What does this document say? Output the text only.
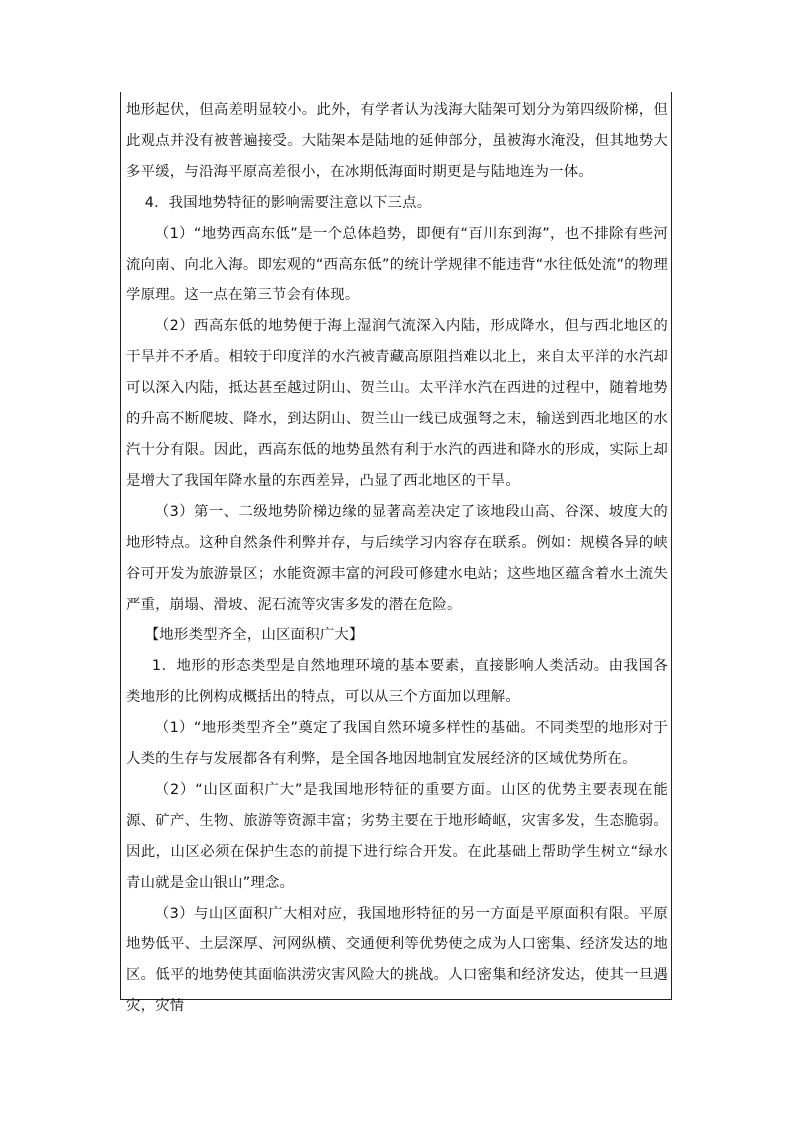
地形起伏，但高差明显较小。此外，有学者认为浅海大陆架可划分为第四级阶梯，但此观点并没有被普遍接受。大陆架本是陆地的延伸部分，虽被海水淹没，但其地势大多平缓，与沿海平原高差很小，在冰期低海面时期更是与陆地连为一体。

4．我国地势特征的影响需要注意以下三点。

（1）“地势西高东低”是一个总体趋势，即便有“百川东到海”，也不排除有些河流向南、向北入海。即宏观的“西高东低”的统计学规律不能违背“水往低处流”的物理学原理。这一点在第三节会有体现。

（2）西高东低的地势便于海上湿润气流深入内陆，形成降水，但与西北地区的干旱并不矛盾。相较于印度洋的水汽被青藏高原阻挡难以北上，来自太平洋的水汽却可以深入内陆，抵达甚至越过阴山、贺兰山。太平洋水汽在西进的过程中，随着地势的升高不断爬坡、降水，到达阴山、贺兰山一线已成强弩之末，输送到西北地区的水汽十分有限。因此，西高东低的地势虽然有利于水汽的西进和降水的形成，实际上却是增大了我国年降水量的东西差异，凸显了西北地区的干旱。

（3）第一、二级地势阶梯边缘的显著高差决定了该地段山高、谷深、坡度大的地形特点。这种自然条件利弊并存，与后续学习内容存在联系。例如：规模各异的峡谷可开发为旅游景区；水能资源丰富的河段可修建水电站；这些地区蕴含着水土流失严重，崩塌、滑坡、泥石流等灾害多发的潜在危险。

【地形类型齐全，山区面积广大】

1．地形的形态类型是自然地理环境的基本要素，直接影响人类活动。由我国各类地形的比例构成概括出的特点，可以从三个方面加以理解。

（1）“地形类型齐全”奠定了我国自然环境多样性的基础。不同类型的地形对于人类的生存与发展都各有利弊，是全国各地因地制宜发展经济的区域优势所在。

（2）“山区面积广大”是我国地形特征的重要方面。山区的优势主要表现在能源、矿产、生物、旅游等资源丰富；劣势主要在于地形崎岖，灾害多发，生态脆弱。因此，山区必须在保护生态的前提下进行综合开发。在此基础上帮助学生树立“绿水青山就是金山银山”理念。

（3）与山区面积广大相对应，我国地形特征的另一方面是平原面积有限。平原地势低平、土层深厚、河网纵横、交通便利等优势使之成为人口密集、经济发达的地区。低平的地势使其面临洪涝灾害风险大的挑战。人口密集和经济发达，使其一旦遇灾，灾情
